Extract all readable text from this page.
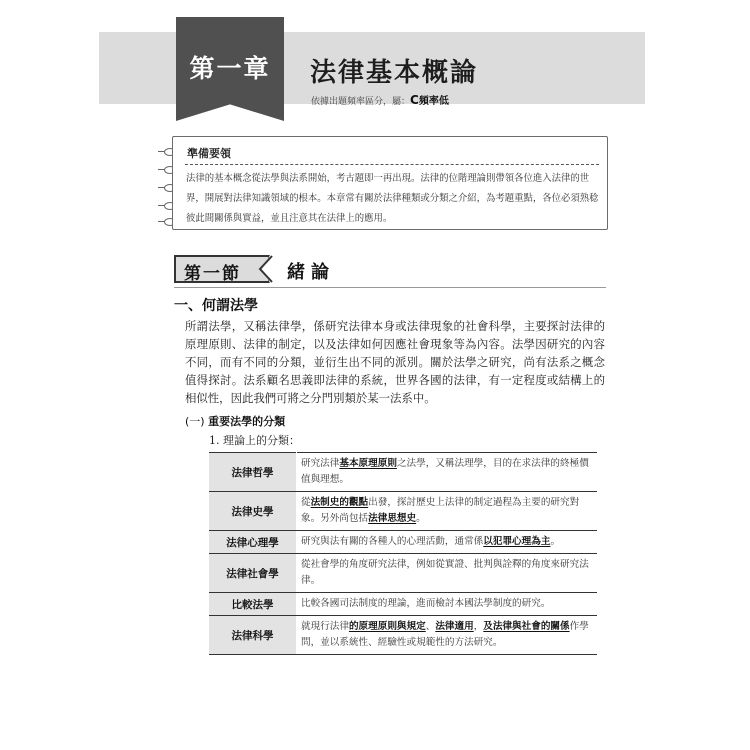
第一章	法律基本概論
依據出題頻率區分，屬：C頻率低
準備要領
法律的基本概念從法學與法系開始，考古題即一再出現。法律的位階理論則帶領各位進入法律的世界，開展對法律知識領域的根本。本章常有關於法律種類或分類之介紹，為考題重點，各位必須熟稔彼此間關係與實益，並且注意其在法律上的應用。
第一節	緒論
一、何謂法學
所謂法學，又稱法律學，係研究法律本身或法律現象的社會科學，主要探討法律的原理原則、法律的制定，以及法律如何因應社會現象等為內容。法學因研究的內容不同，而有不同的分類，並衍生出不同的派別。關於法學之研究，尚有法系之概念值得探討。法系顧名思義即法律的系統，世界各國的法律，有一定程度或結構上的相似性，因此我們可將之分門別類於某一法系中。
(一) 重要法學的分類
1. 理論上的分類：
法律哲學	研究法律基本原理原則之法學，又稱法理學，目的在求法律的終極價值與理想。
法律史學	從法制史的觀點出發，探討歷史上法律的制定過程為主要的研究對象。另外尚包括法律思想史。
法律心理學	研究與法有關的各種人的心理活動，通常係以犯罪心理為主。
法律社會學	從社會學的角度研究法律，例如從實證、批判與詮釋的角度來研究法律。
比較法學	比較各國司法制度的理論，進而檢討本國法學制度的研究。
法律科學	就現行法律的原理原則與規定、法律適用，及法律與社會的關係作學問，並以系統性、經驗性或規範性的方法研究。
